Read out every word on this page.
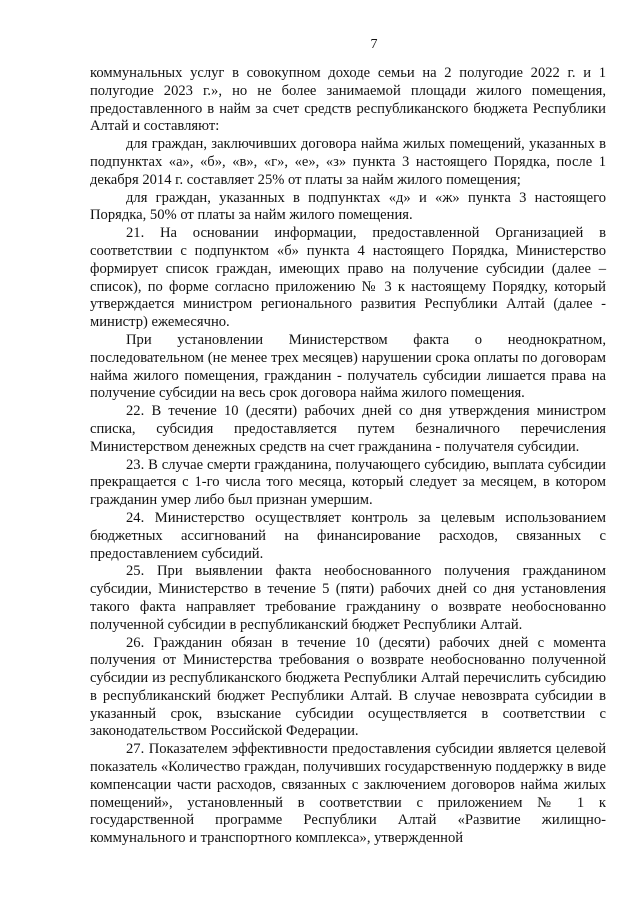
7

коммунальных услуг в совокупном доходе семьи на 2 полугодие 2022 г. и 1 полугодие 2023 г.», но не более занимаемой площади жилого помещения, предоставленного в найм за счет средств республиканского бюджета Республики Алтай и составляют:

для граждан, заключивших договора найма жилых помещений, указанных в подпунктах «а», «б», «в», «г», «е», «з» пункта 3 настоящего Порядка, после 1 декабря 2014 г. составляет 25% от платы за найм жилого помещения;

для граждан, указанных в подпунктах «д» и «ж» пункта 3 настоящего Порядка, 50% от платы за найм жилого помещения.

21. На основании информации, предоставленной Организацией в соответствии с подпунктом «б» пункта 4 настоящего Порядка, Министерство формирует список граждан, имеющих право на получение субсидии (далее – список), по форме согласно приложению № 3 к настоящему Порядку, который утверждается министром регионального развития Республики Алтай (далее - министр) ежемесячно.

При установлении Министерством факта о неоднократном, последовательном (не менее трех месяцев) нарушении срока оплаты по договорам найма жилого помещения, гражданин - получатель субсидии лишается права на получение субсидии на весь срок договора найма жилого помещения.

22. В течение 10 (десяти) рабочих дней со дня утверждения министром списка, субсидия предоставляется путем безналичного перечисления Министерством денежных средств на счет гражданина - получателя субсидии.

23. В случае смерти гражданина, получающего субсидию, выплата субсидии прекращается с 1-го числа того месяца, который следует за месяцем, в котором гражданин умер либо был признан умершим.

24. Министерство осуществляет контроль за целевым использованием бюджетных ассигнований на финансирование расходов, связанных с предоставлением субсидий.

25. При выявлении факта необоснованного получения гражданином субсидии, Министерство в течение 5 (пяти) рабочих дней со дня установления такого факта направляет требование гражданину о возврате необоснованно полученной субсидии в республиканский бюджет Республики Алтай.

26. Гражданин обязан в течение 10 (десяти) рабочих дней с момента получения от Министерства требования о возврате необоснованно полученной субсидии из республиканского бюджета Республики Алтай перечислить субсидию в республиканский бюджет Республики Алтай. В случае невозврата субсидии в указанный срок, взыскание субсидии осуществляется в соответствии с законодательством Российской Федерации.

27. Показателем эффективности предоставления субсидии является целевой показатель «Количество граждан, получивших государственную поддержку в виде компенсации части расходов, связанных с заключением договоров найма жилых помещений», установленный в соответствии с приложением № 1 к государственной программе Республики Алтай «Развитие жилищно-коммунального и транспортного комплекса», утвержденной
